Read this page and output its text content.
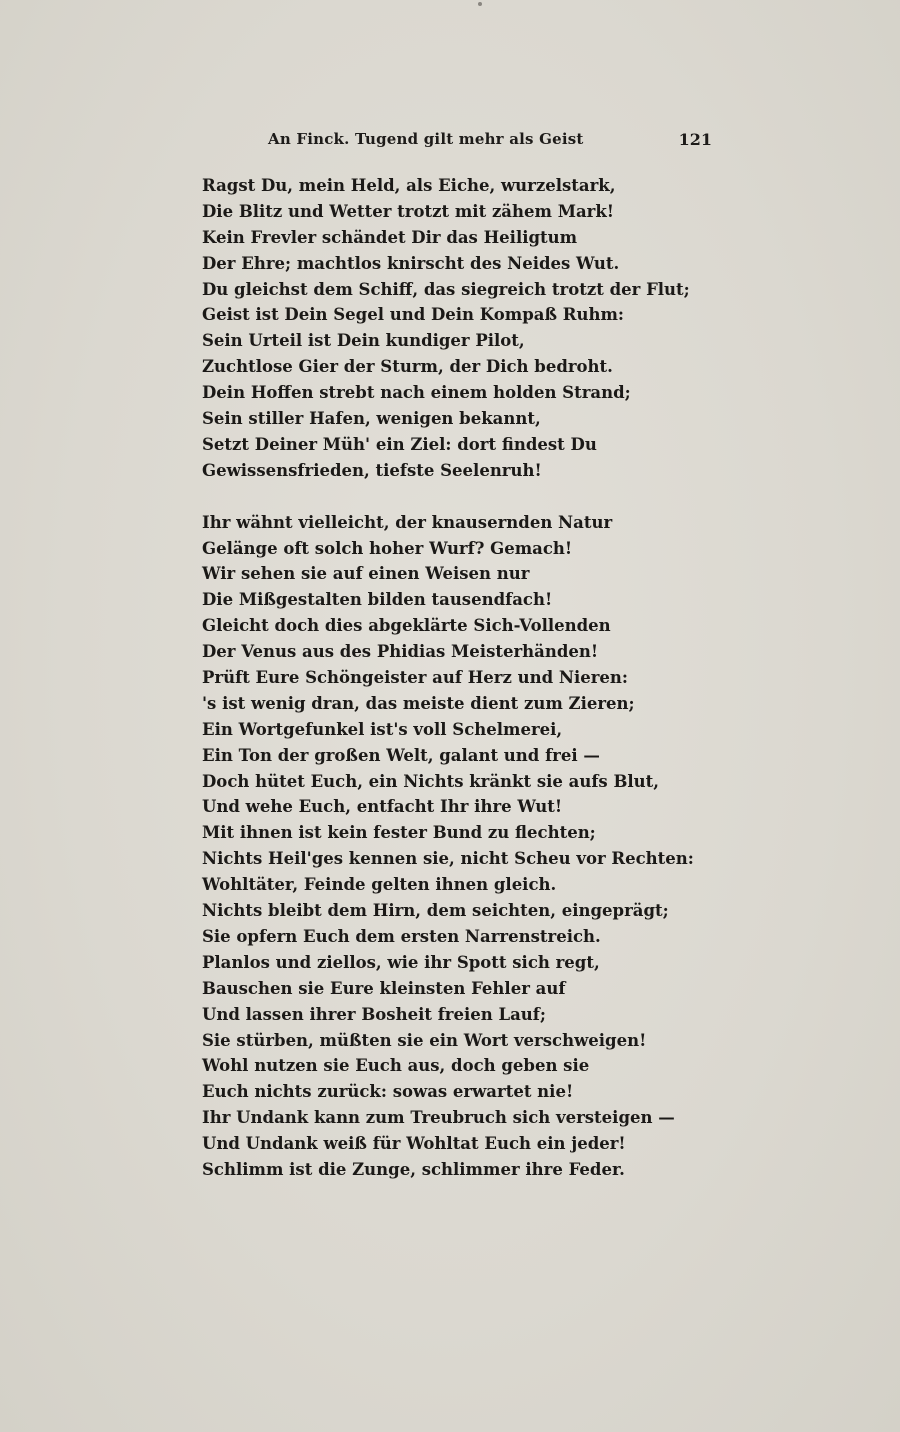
An Finck. Tugend gilt mehr als Geist	121
Ragst Du, mein Held, als Eiche, wurzelstark,
Die Blitz und Wetter trotzt mit zähem Mark!
Kein Frevler schändet Dir das Heiligtum
Der Ehre; machtlos knirscht des Neides Wut.
Du gleichst dem Schiff, das siegreich trotzt der Flut;
Geist ist Dein Segel und Dein Kompaß Ruhm:
Sein Urteil ist Dein kundiger Pilot,
Zuchtlose Gier der Sturm, der Dich bedroht.
Dein Hoffen strebt nach einem holden Strand;
Sein stiller Hafen, wenigen bekannt,
Setzt Deiner Müh' ein Ziel: dort findest Du
Gewissensfrieden, tiefste Seelenruh!
Ihr wähnt vielleicht, der knausernden Natur
Gelänge oft solch hoher Wurf? Gemach!
Wir sehen sie auf einen Weisen nur
Die Mißgestalten bilden tausendfach!
Gleicht doch dies abgeklärte Sich-Vollenden
Der Venus aus des Phidias Meisterhänden!
Prüft Eure Schöngeister auf Herz und Nieren:
's ist wenig dran, das meiste dient zum Zieren;
Ein Wortgefunkel ist's voll Schelmerei,
Ein Ton der großen Welt, galant und frei —
Doch hütet Euch, ein Nichts kränkt sie aufs Blut,
Und wehe Euch, entfacht Ihr ihre Wut!
Mit ihnen ist kein fester Bund zu flechten;
Nichts Heil'ges kennen sie, nicht Scheu vor Rechten:
Wohltäter, Feinde gelten ihnen gleich.
Nichts bleibt dem Hirn, dem seichten, eingeprägt;
Sie opfern Euch dem ersten Narrenstreich.
Planlos und ziellos, wie ihr Spott sich regt,
Bauschen sie Eure kleinsten Fehler auf
Und lassen ihrer Bosheit freien Lauf;
Sie stürben, müßten sie ein Wort verschweigen!
Wohl nutzen sie Euch aus, doch geben sie
Euch nichts zurück: sowas erwartet nie!
Ihr Undank kann zum Treubruch sich versteigen —
Und Undank weiß für Wohltat Euch ein jeder!
Schlimm ist die Zunge, schlimmer ihre Feder.
